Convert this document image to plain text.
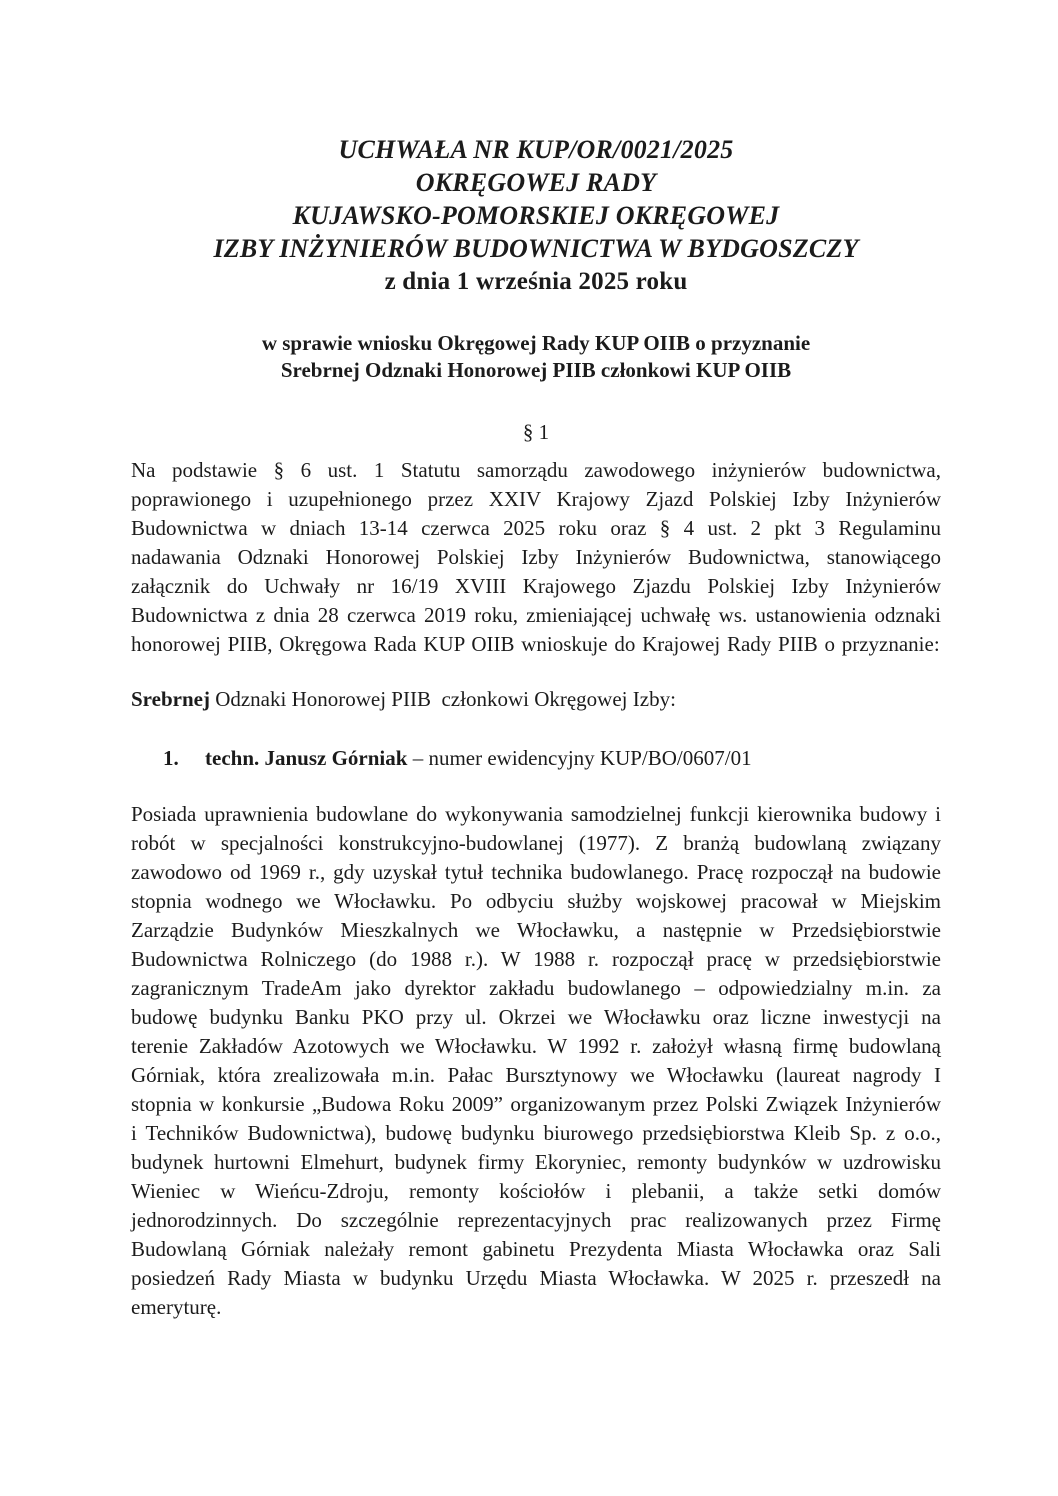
UCHWAŁA NR KUP/OR/0021/2025
OKRĘGOWEJ RADY
KUJAWSKO-POMORSKIEJ OKRĘGOWEJ
IZBY INŻYNIERÓW BUDOWNICTWA W BYDGOSZCZY
z dnia 1 września 2025 roku
w sprawie wniosku Okręgowej Rady KUP OIIB o przyznanie
Srebrnej Odznaki Honorowej PIIB członkowi KUP OIIB
§ 1
Na podstawie § 6 ust. 1 Statutu samorządu zawodowego inżynierów budownictwa, poprawionego i uzupełnionego przez XXIV Krajowy Zjazd Polskiej Izby Inżynierów Budownictwa w dniach 13-14 czerwca 2025 roku oraz § 4 ust. 2 pkt 3 Regulaminu nadawania Odznaki Honorowej Polskiej Izby Inżynierów Budownictwa, stanowiącego załącznik do Uchwały nr 16/19 XVIII Krajowego Zjazdu Polskiej Izby Inżynierów Budownictwa z dnia 28 czerwca 2019 roku, zmieniającej uchwałę ws. ustanowienia odznaki honorowej PIIB, Okręgowa Rada KUP OIIB wnioskuje do Krajowej Rady PIIB o przyznanie:
Srebrnej Odznaki Honorowej PIIB  członkowi Okręgowej Izby:
1. techn. Janusz Górniak – numer ewidencyjny KUP/BO/0607/01
Posiada uprawnienia budowlane do wykonywania samodzielnej funkcji kierownika budowy i robót w specjalności konstrukcyjno-budowlanej (1977). Z branżą budowlaną związany zawodowo od 1969 r., gdy uzyskał tytuł technika budowlanego. Pracę rozpoczął na budowie stopnia wodnego we Włocławku. Po odbyciu służby wojskowej pracował w Miejskim Zarządzie Budynków Mieszkalnych we Włocławku, a następnie w Przedsiębiorstwie Budownictwa Rolniczego (do 1988 r.). W 1988 r. rozpoczął pracę w przedsiębiorstwie zagranicznym TradeAm jako dyrektor zakładu budowlanego – odpowiedzialny m.in. za budowę budynku Banku PKO przy ul. Okrzei we Włocławku oraz liczne inwestycji na terenie Zakładów Azotowych we Włocławku. W 1992 r. założył własną firmę budowlaną Górniak, która zrealizowała m.in. Pałac Bursztynowy we Włocławku (laureat nagrody I stopnia w konkursie „Budowa Roku 2009” organizowanym przez Polski Związek Inżynierów i Techników Budownictwa), budowę budynku biurowego przedsiębiorstwa Kleib Sp. z o.o., budynek hurtowni Elmehurt, budynek firmy Ekoryniec, remonty budynków w uzdrowisku Wieniec w Wieńcu-Zdroju, remonty kościołów i plebanii, a także setki domów jednorodzinnych. Do szczególnie reprezentacyjnych prac realizowanych przez Firmę Budowlaną Górniak należały remont gabinetu Prezydenta Miasta Włocławka oraz Sali posiedzeń Rady Miasta w budynku Urzędu Miasta Włocławka. W 2025 r. przeszedł na emeryturę.
